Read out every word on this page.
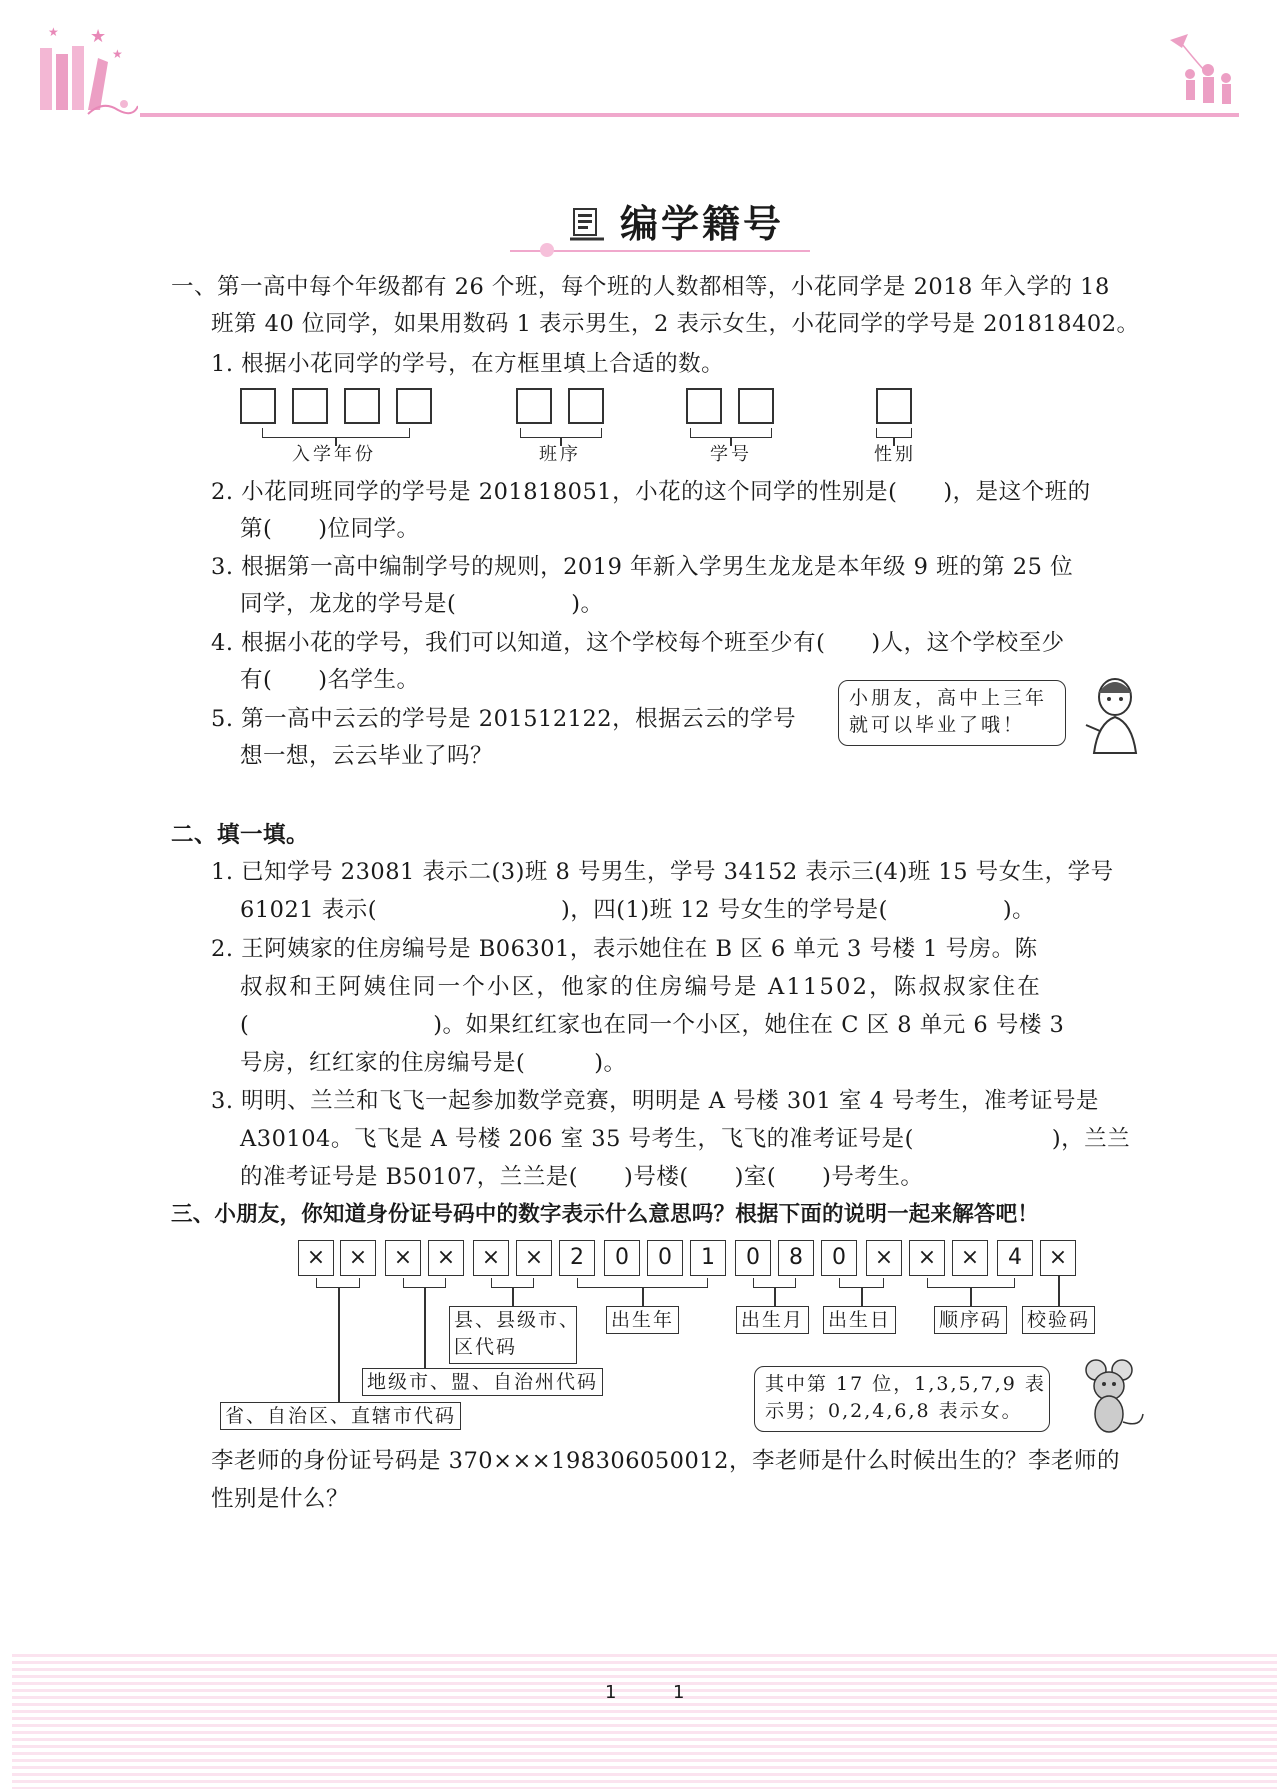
★
★
★
编学籍号
一、第一高中每个年级都有 26 个班，每个班的人数都相等，小花同学是 2018 年入学的 18
班第 40 位同学，如果用数码 1 表示男生，2 表示女生，小花同学的学号是 201818402。
1. 根据小花同学的学号，在方框里填上合适的数。
入学年份	班序	学号	性别
2. 小花同班同学的学号是 201818051，小花的这个同学的性别是(　　)，是这个班的
第(　　)位同学。
3. 根据第一高中编制学号的规则，2019 年新入学男生龙龙是本年级 9 班的第 25 位
同学，龙龙的学号是(　　　　　)。
4. 根据小花的学号，我们可以知道，这个学校每个班至少有(　　)人，这个学校至少
有(　　)名学生。
5. 第一高中云云的学号是 201512122，根据云云的学号
想一想，云云毕业了吗？
小朋友，高中上三年
就可以毕业了哦！
二、填一填。
1. 已知学号 23081 表示二(3)班 8 号男生，学号 34152 表示三(4)班 15 号女生，学号
61021 表示(　　　　　　　　)，四(1)班 12 号女生的学号是(　　　　　)。
2. 王阿姨家的住房编号是 B06301，表示她住在 B 区 6 单元 3 号楼 1 号房。陈
叔叔和王阿姨住同一个小区，他家的住房编号是 A11502，陈叔叔家住在
(　　　　　　　　)。如果红红家也在同一个小区，她住在 C 区 8 单元 6 号楼 3
号房，红红家的住房编号是(　　　)。
3. 明明、兰兰和飞飞一起参加数学竞赛，明明是 A 号楼 301 室 4 号考生，准考证号是
A30104。飞飞是 A 号楼 206 室 35 号考生，飞飞的准考证号是(　　　　　　)，兰兰
的准考证号是 B50107，兰兰是(　　)号楼(　　)室(　　)号考生。
三、小朋友，你知道身份证号码中的数字表示什么意思吗？根据下面的说明一起来解答吧！
×	×	×	×	×	×	2	0	0	1	0	8	0	×	×	×	4	×
县、县级市、
区代码
出生年	出生月 出生日	顺序码 校验码
地级市、盟、自治州代码
省、自治区、直辖市代码
其中第 17 位，1,3,5,7,9 表
示男；0,2,4,6,8 表示女。
李老师的身份证号码是 370×××198306050012，李老师是什么时候出生的？李老师的
性别是什么？
1	1
